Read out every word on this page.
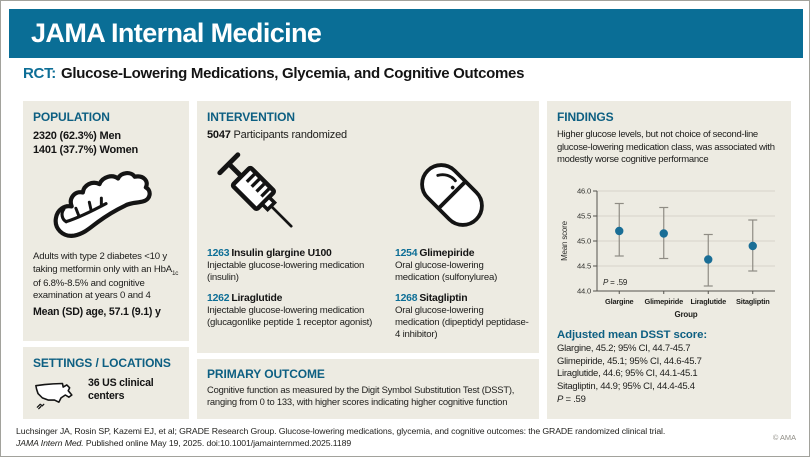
JAMA Internal Medicine
RCT: Glucose-Lowering Medications, Glycemia, and Cognitive Outcomes
POPULATION
2320 (62.3%) Men
1401 (37.7%) Women
Adults with type 2 diabetes <10 y taking metformin only with an HbA$_{1c}$ of 6.8%-8.5% and cognitive examination at years 0 and 4
Mean (SD) age, 57.1 (9.1) y
SETTINGS / LOCATIONS
36 US clinical centers
INTERVENTION
5047 Participants randomized
1263 Insulin glargine U100
Injectable glucose-lowering medication (insulin)
1262 Liraglutide
Injectable glucose-lowering medication (glucagonlike peptide 1 receptor agonist)
1254 Glimepiride
Oral glucose-lowering medication (sulfonylurea)
1268 Sitagliptin
Oral glucose-lowering medication (dipeptidyl peptidase-4 inhibitor)
PRIMARY OUTCOME
Cognitive function as measured by the Digit Symbol Substitution Test (DSST), ranging from 0 to 133, with higher scores indicating higher cognitive function
FINDINGS
Higher glucose levels, but not choice of second-line glucose-lowering medication class, was associated with modestly worse cognitive performance
44.0
44.5
45.0
45.5
46.0
Glargine Glimepiride Liraglutide Sitagliptin
P = .59
Group
Mean score
Adjusted mean DSST score:
Glargine, 45.2; 95% CI, 44.7-45.7
Glimepiride, 45.1; 95% CI, 44.6-45.7
Liraglutide, 44.6; 95% CI, 44.1-45.1
Sitagliptin, 44.9; 95% CI, 44.4-45.4
P = .59
Luchsinger JA, Rosin SP, Kazemi EJ, et al; GRADE Research Group. Glucose-lowering medications, glycemia, and cognitive outcomes: the GRADE randomized clinical trial.
JAMA Intern Med. Published online May 19, 2025. doi:10.1001/jamainternmed.2025.1189
© AMA
